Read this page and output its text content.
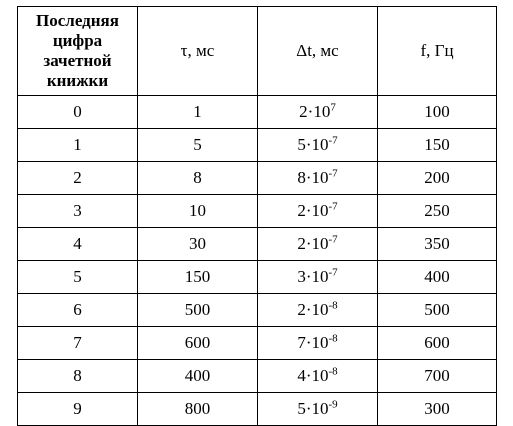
Последняя цифра зачетной книжки	τ, мс	Δt, мс	f, Гц
0	1	$2\cdot 10^7$	100
1	5	$5\cdot 10^{-7}$	150
2	8	$8\cdot 10^{-7}$	200
3	10	$2\cdot 10^{-7}$	250
4	30	$2\cdot 10^{-7}$	350
5	150	$3\cdot 10^{-7}$	400
6	500	$2\cdot 10^{-8}$	500
7	600	$7\cdot 10^{-8}$	600
8	400	$4\cdot 10^{-8}$	700
9	800	$5\cdot 10^{-9}$	300
